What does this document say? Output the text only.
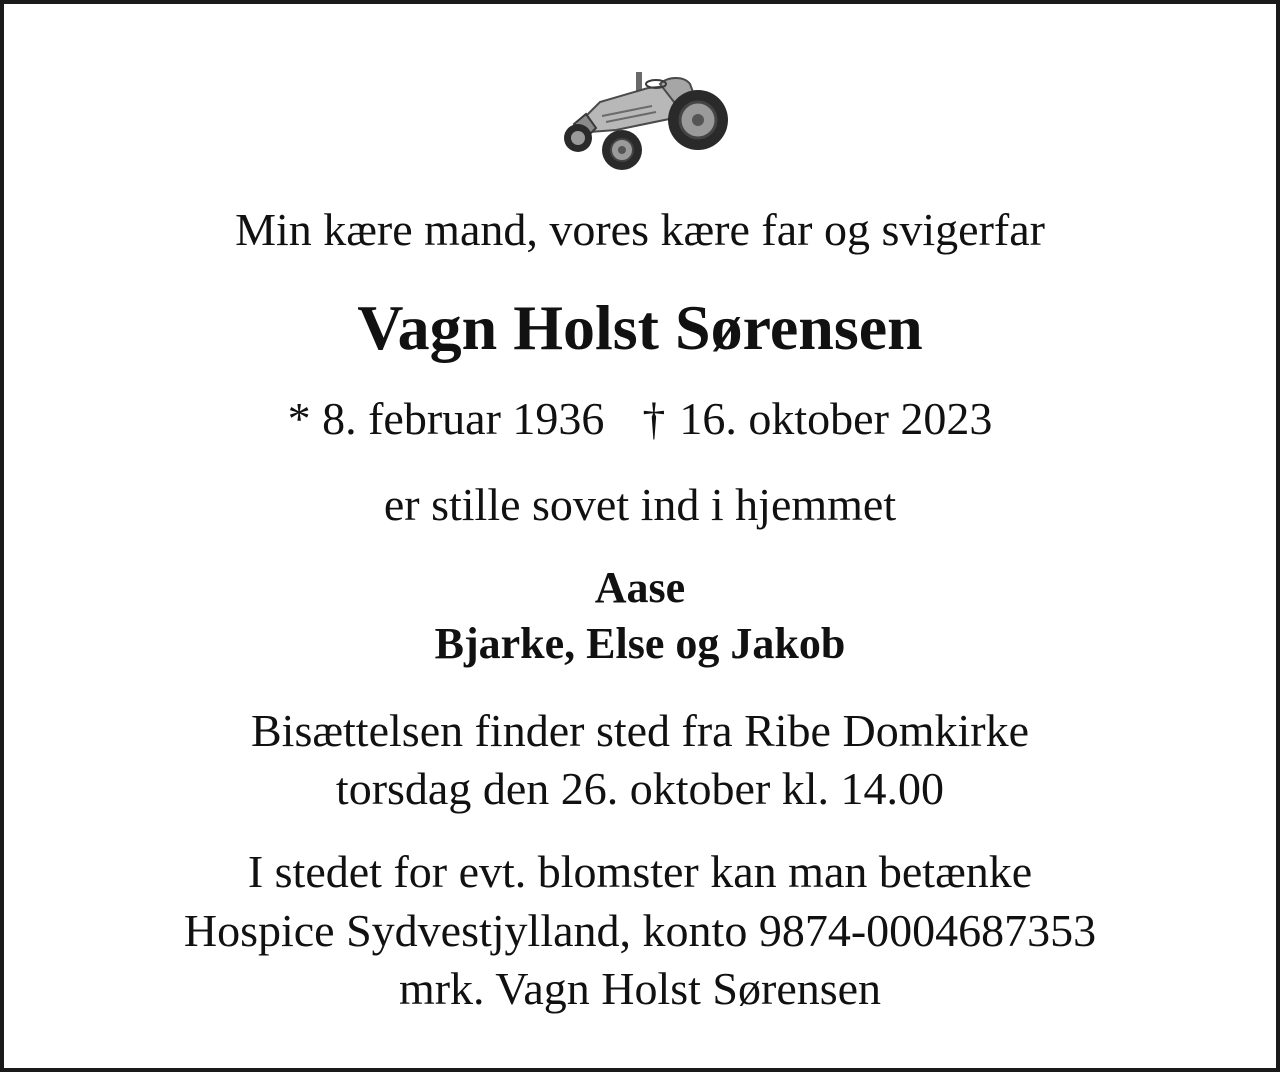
Min kære mand, vores kære far og svigerfar
Vagn Holst Sørensen
* 8. februar 1936 † 16. oktober 2023
er stille sovet ind i hjemmet
Aase
Bjarke, Else og Jakob
Bisættelsen finder sted fra Ribe Domkirke
torsdag den 26. oktober kl. 14.00
I stedet for evt. blomster kan man betænke
Hospice Sydvestjylland, konto 9874-0004687353
mrk. Vagn Holst Sørensen
